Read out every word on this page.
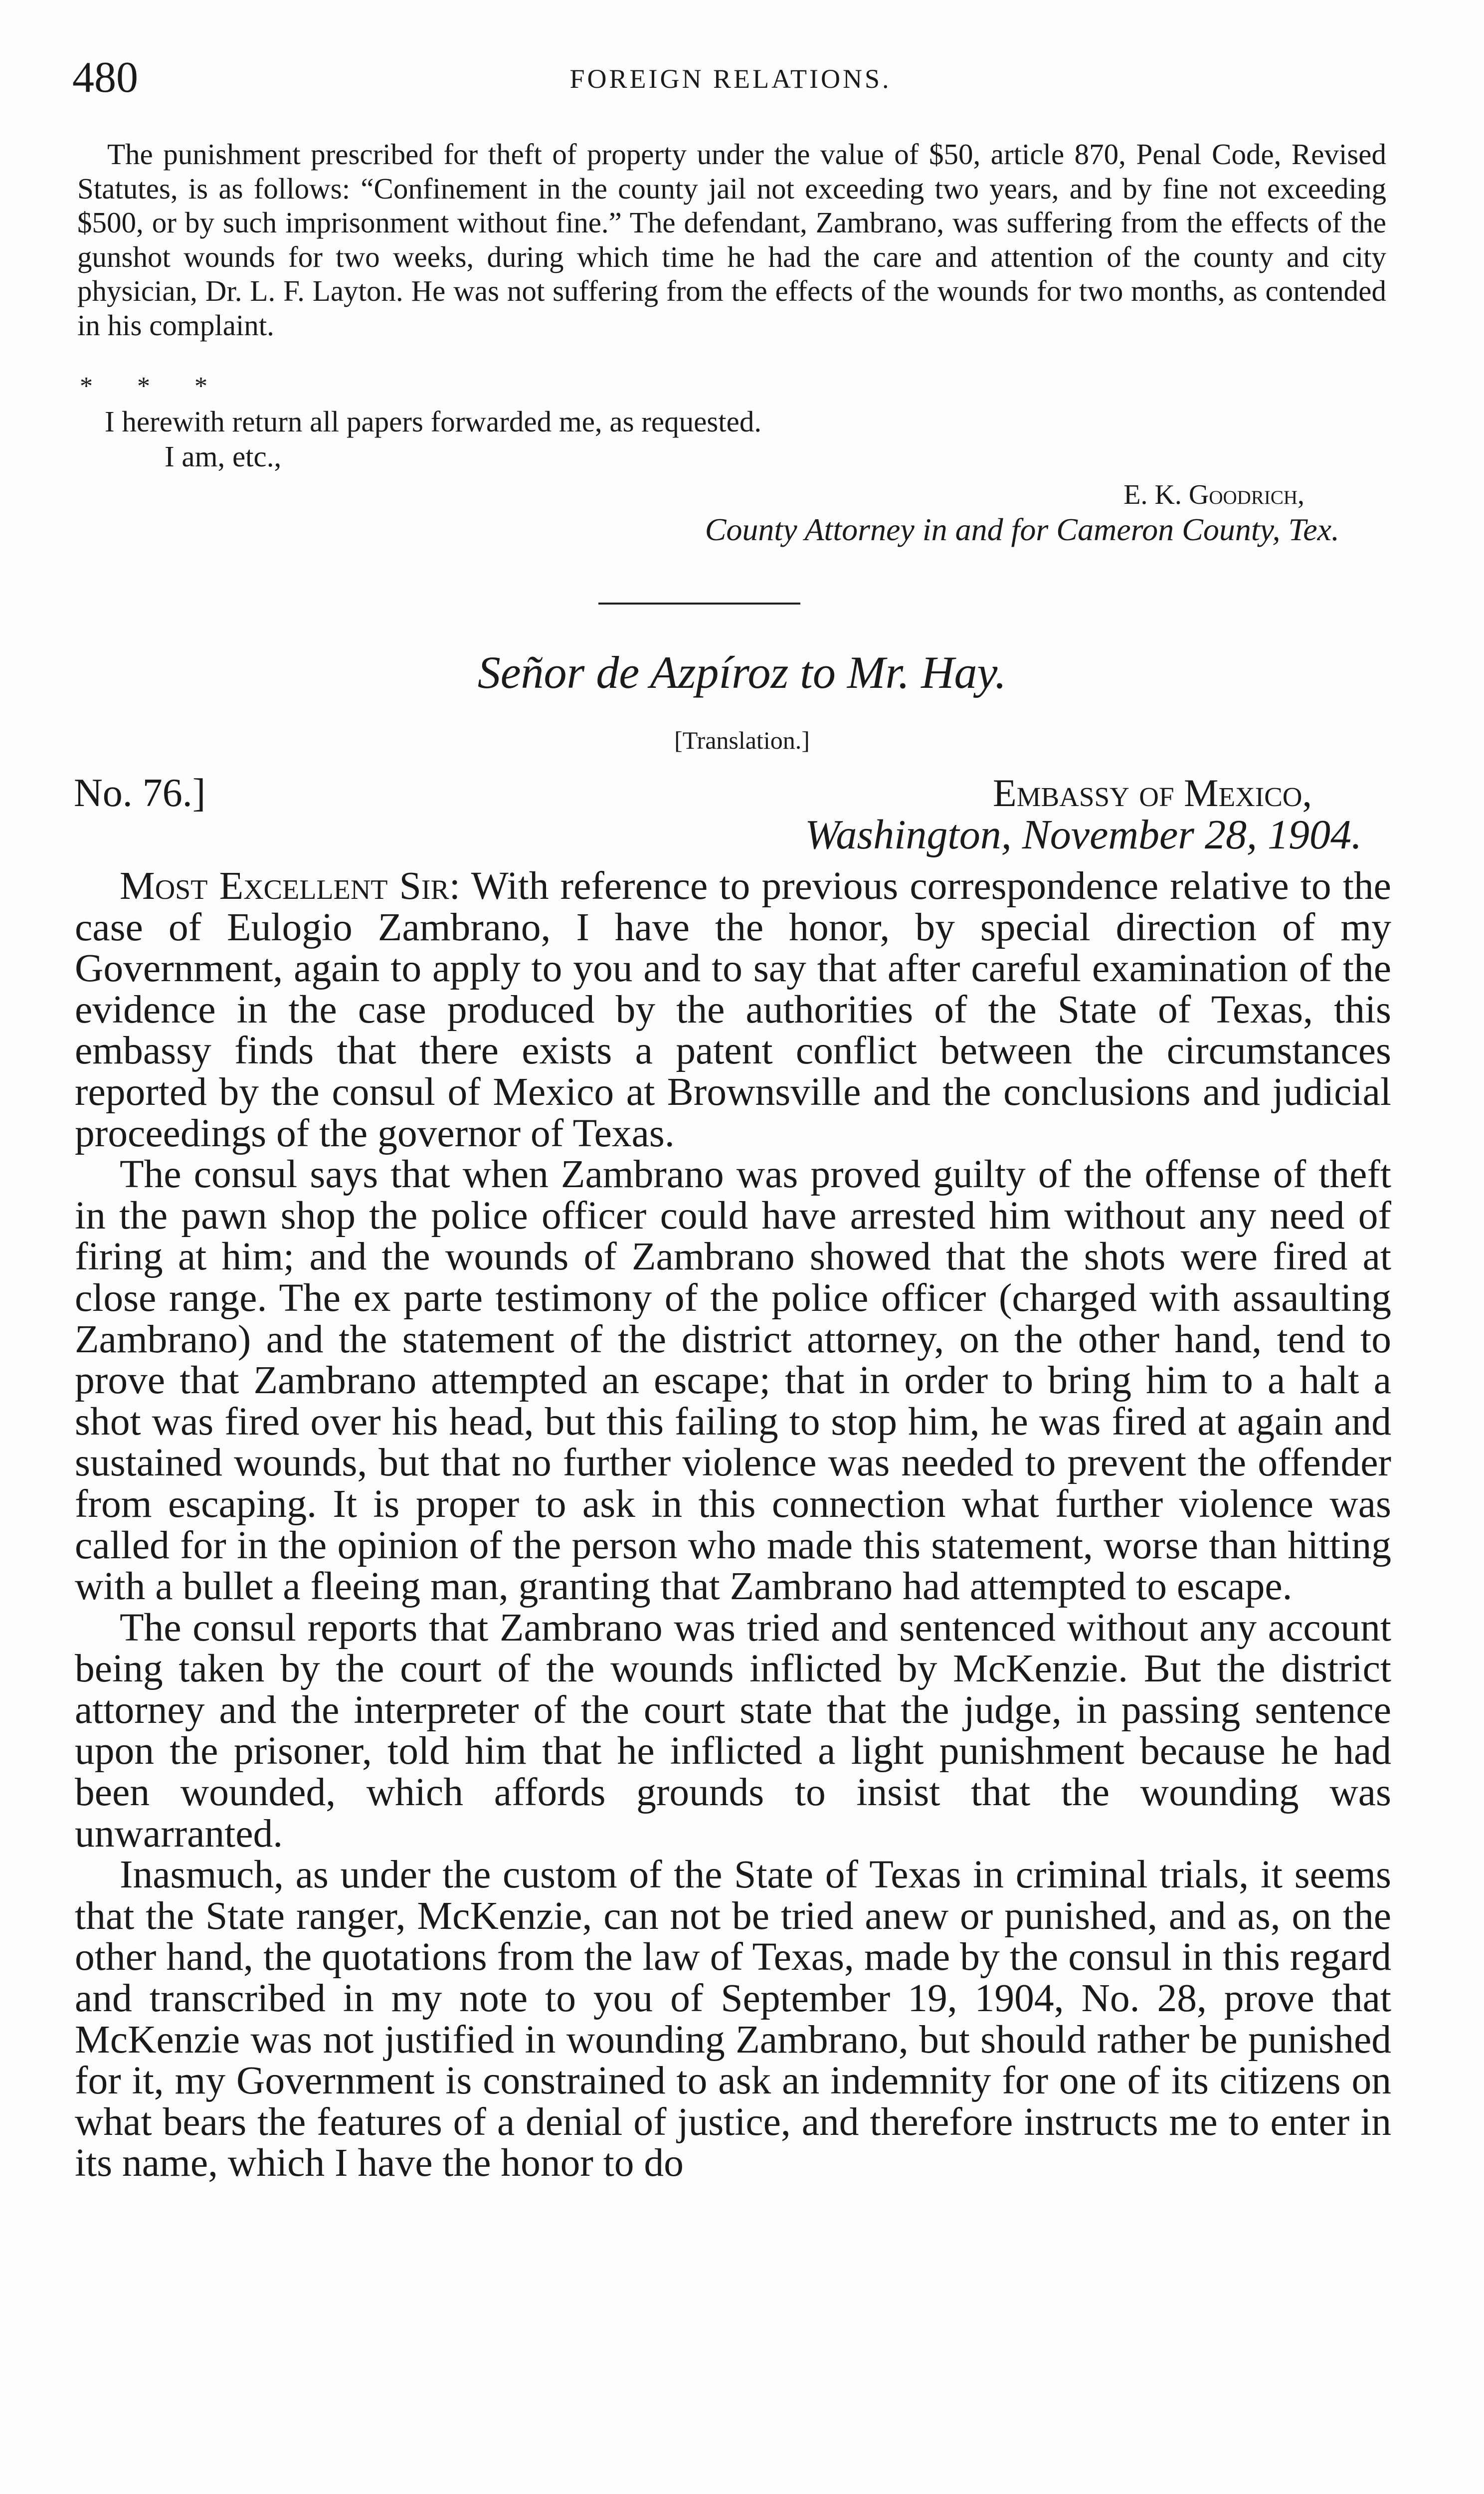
480	FOREIGN RELATIONS.

The punishment prescribed for theft of property under the value of $50, article 870, Penal Code, Revised Statutes, is as follows: “Confinement in the county jail not exceeding two years, and by fine not exceeding $500, or by such imprisonment without fine.” The defendant, Zambrano, was suffering from the effects of the gunshot wounds for two weeks, during which time he had the care and attention of the county and city physician, Dr. L. F. Layton. He was not suffering from the effects of the wounds for two months, as contended in his complaint.

* * *
I herewith return all papers forwarded me, as requested.
I am, etc.,
E. K. Goodrich,
County Attorney in and for Cameron County, Tex.
Señor de Azpíroz to Mr. Hay.
[Translation.]
No. 76.]	Embassy of Mexico,
Washington, November 28, 1904.

Most Excellent Sir: With reference to previous correspondence relative to the case of Eulogio Zambrano, I have the honor, by special direction of my Government, again to apply to you and to say that after careful examination of the evidence in the case produced by the authorities of the State of Texas, this embassy finds that there exists a patent conflict between the circumstances reported by the consul of Mexico at Brownsville and the conclusions and judicial proceedings of the governor of Texas.

The consul says that when Zambrano was proved guilty of the offense of theft in the pawn shop the police officer could have arrested him without any need of firing at him; and the wounds of Zambrano showed that the shots were fired at close range. The ex parte testimony of the police officer (charged with assaulting Zambrano) and the statement of the district attorney, on the other hand, tend to prove that Zambrano attempted an escape; that in order to bring him to a halt a shot was fired over his head, but this failing to stop him, he was fired at again and sustained wounds, but that no further violence was needed to prevent the offender from escaping. It is proper to ask in this connection what further violence was called for in the opinion of the person who made this statement, worse than hitting with a bullet a fleeing man, granting that Zambrano had attempted to escape.

The consul reports that Zambrano was tried and sentenced without any account being taken by the court of the wounds inflicted by McKenzie. But the district attorney and the interpreter of the court state that the judge, in passing sentence upon the prisoner, told him that he inflicted a light punishment because he had been wounded, which affords grounds to insist that the wounding was unwarranted.

Inasmuch, as under the custom of the State of Texas in criminal trials, it seems that the State ranger, McKenzie, can not be tried anew or punished, and as, on the other hand, the quotations from the law of Texas, made by the consul in this regard and transcribed in my note to you of September 19, 1904, No. 28, prove that McKenzie was not justified in wounding Zambrano, but should rather be punished for it, my Government is constrained to ask an indemnity for one of its citizens on what bears the features of a denial of justice, and therefore instructs me to enter in its name, which I have the honor to do
